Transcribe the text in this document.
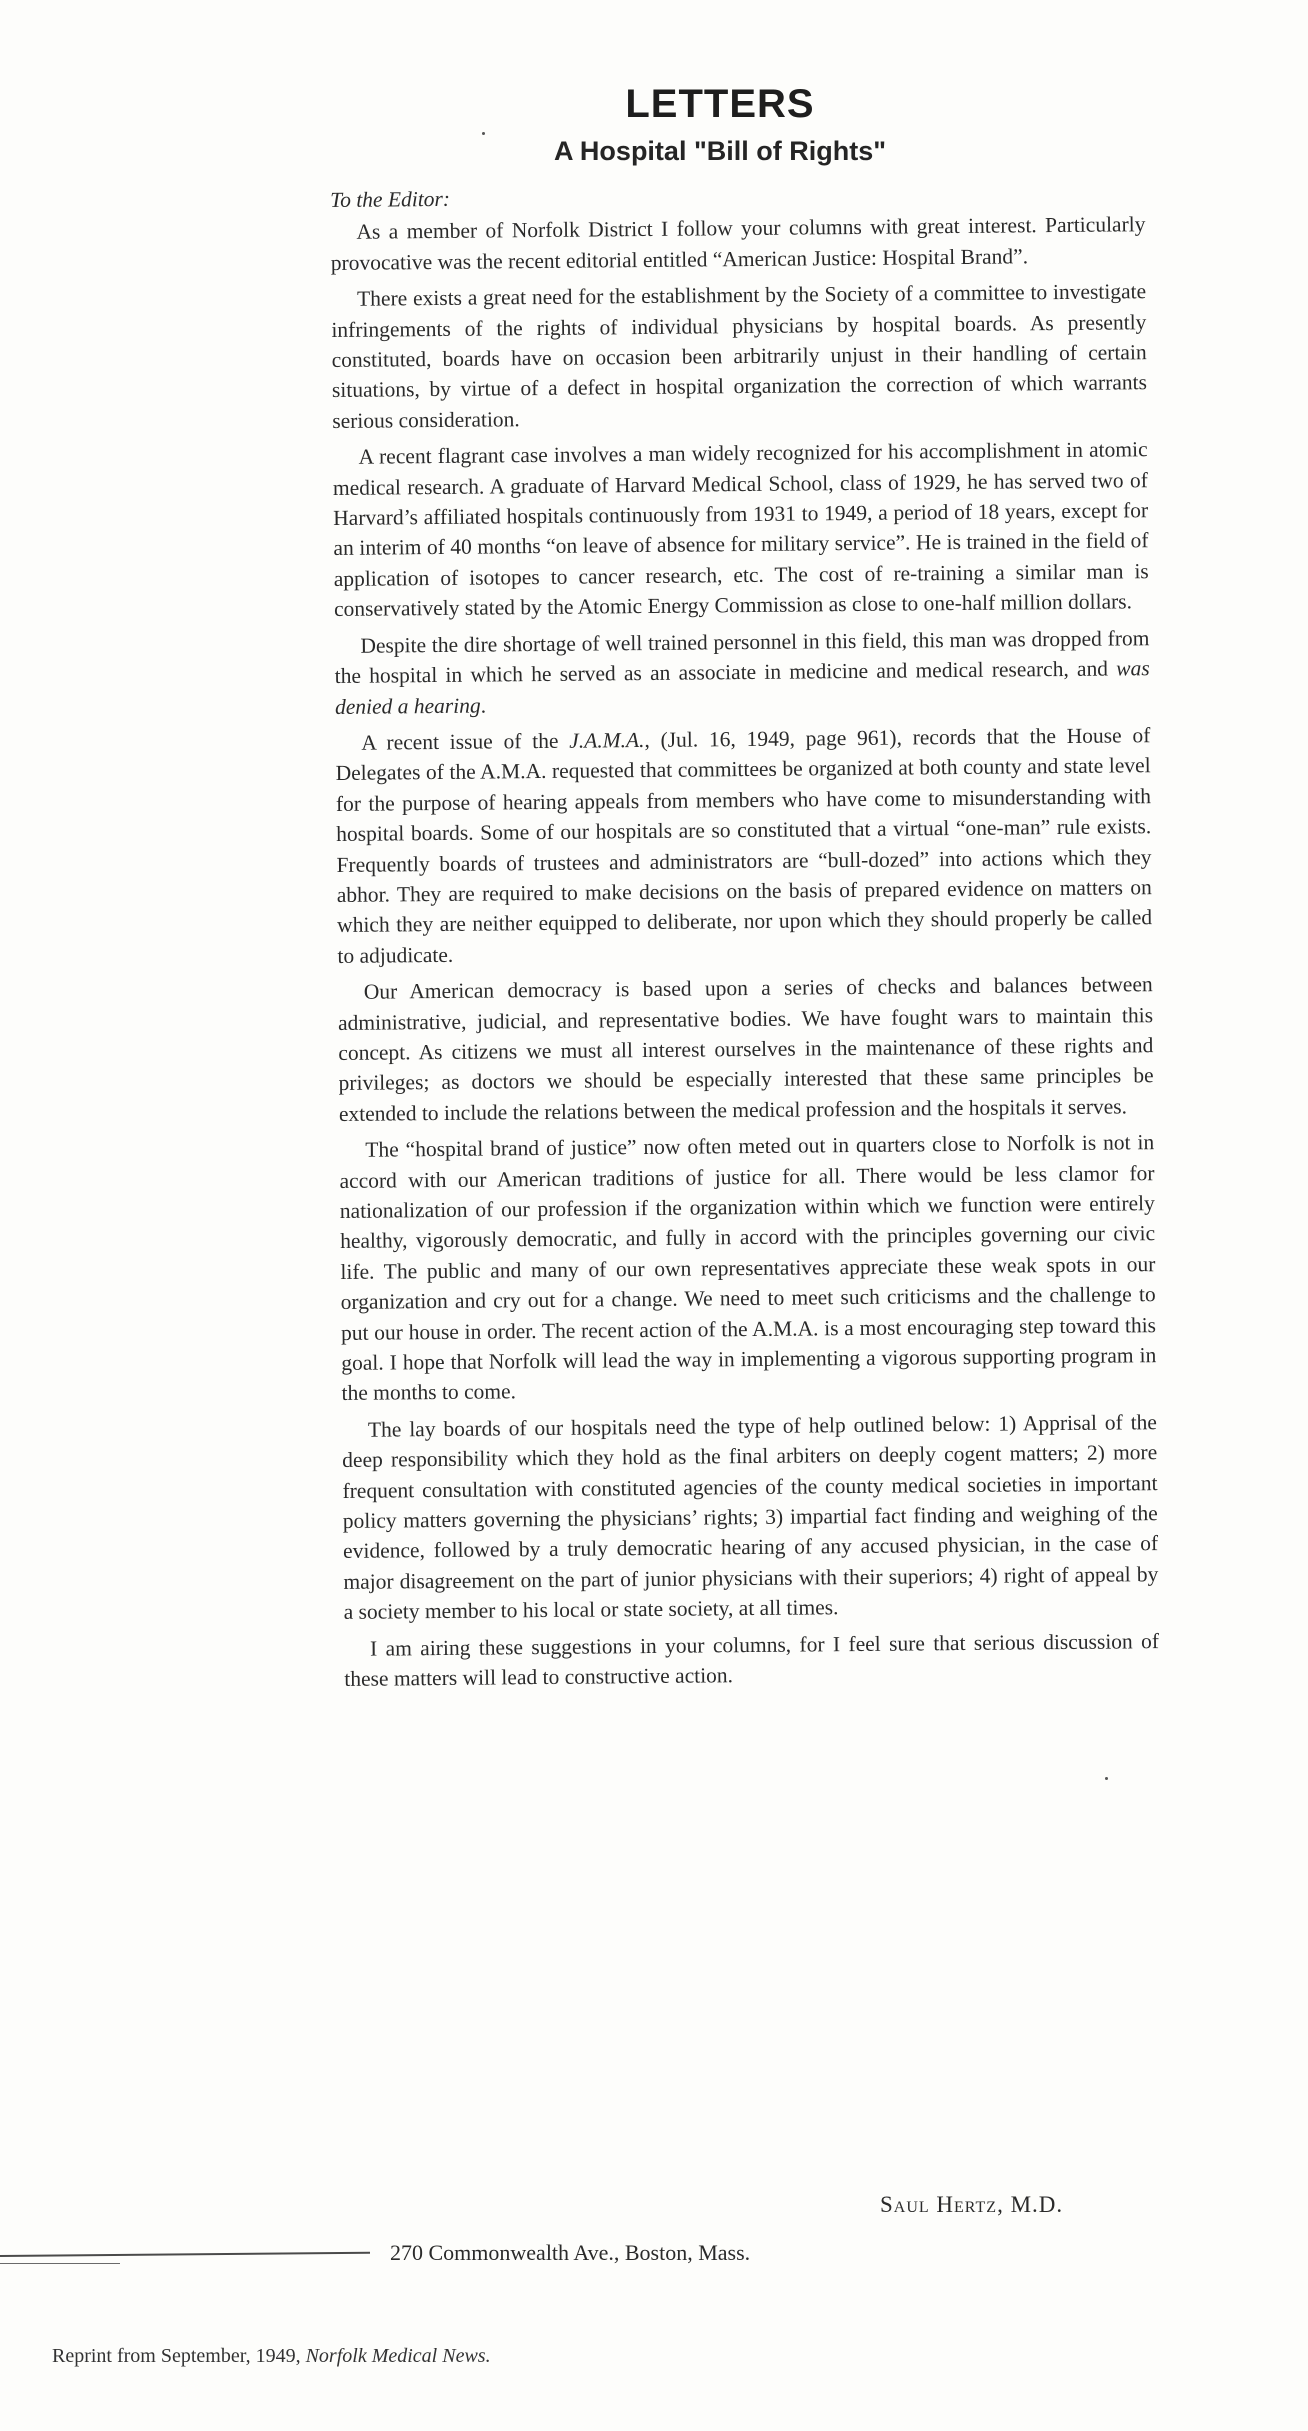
LETTERS
A Hospital "Bill of Rights"

To the Editor:

As a member of Norfolk District I follow your columns with great interest. Particularly provocative was the recent editorial entitled “American Justice: Hospital Brand”.

There exists a great need for the establishment by the Society of a committee to investigate infringements of the rights of individual physicians by hospital boards. As presently constituted, boards have on occasion been arbitrarily unjust in their handling of certain situations, by virtue of a defect in hospital organization the correction of which warrants serious consideration.

A recent flagrant case involves a man widely recognized for his accomplishment in atomic medical research. A graduate of Harvard Medical School, class of 1929, he has served two of Harvard’s affiliated hospitals continuously from 1931 to 1949, a period of 18 years, except for an interim of 40 months “on leave of absence for military service”. He is trained in the field of application of isotopes to cancer research, etc. The cost of re-training a similar man is conservatively stated by the Atomic Energy Commission as close to one-half million dollars.

Despite the dire shortage of well trained personnel in this field, this man was dropped from the hospital in which he served as an associate in medicine and medical research, and was denied a hearing.

A recent issue of the J.A.M.A., (Jul. 16, 1949, page 961), records that the House of Delegates of the A.M.A. requested that committees be organized at both county and state level for the purpose of hearing appeals from members who have come to misunderstanding with hospital boards. Some of our hospitals are so constituted that a virtual “one-man” rule exists. Frequently boards of trustees and administrators are “bull-dozed” into actions which they abhor. They are required to make decisions on the basis of prepared evidence on matters on which they are neither equipped to deliberate, nor upon which they should properly be called to adjudicate.

Our American democracy is based upon a series of checks and balances between administrative, judicial, and representative bodies. We have fought wars to maintain this concept. As citizens we must all interest ourselves in the maintenance of these rights and privileges; as doctors we should be especially interested that these same principles be extended to include the relations between the medical profession and the hospitals it serves.

The “hospital brand of justice” now often meted out in quarters close to Norfolk is not in accord with our American traditions of justice for all. There would be less clamor for nationalization of our profession if the organization within which we function were entirely healthy, vigorously democratic, and fully in accord with the principles governing our civic life. The public and many of our own representatives appreciate these weak spots in our organization and cry out for a change. We need to meet such criticisms and the challenge to put our house in order. The recent action of the A.M.A. is a most encouraging step toward this goal. I hope that Norfolk will lead the way in implementing a vigorous supporting program in the months to come.

The lay boards of our hospitals need the type of help outlined below: 1) Apprisal of the deep responsibility which they hold as the final arbiters on deeply cogent matters; 2) more frequent consultation with constituted agencies of the county medical societies in important policy matters governing the physicians’ rights; 3) impartial fact finding and weighing of the evidence, followed by a truly democratic hearing of any accused physician, in the case of major disagreement on the part of junior physicians with their superiors; 4) right of appeal by a society member to his local or state society, at all times.

I am airing these suggestions in your columns, for I feel sure that serious discussion of these matters will lead to constructive action.

Saul Hertz, M.D.
270 Commonwealth Ave., Boston, Mass.
Reprint from September, 1949, Norfolk Medical News.
